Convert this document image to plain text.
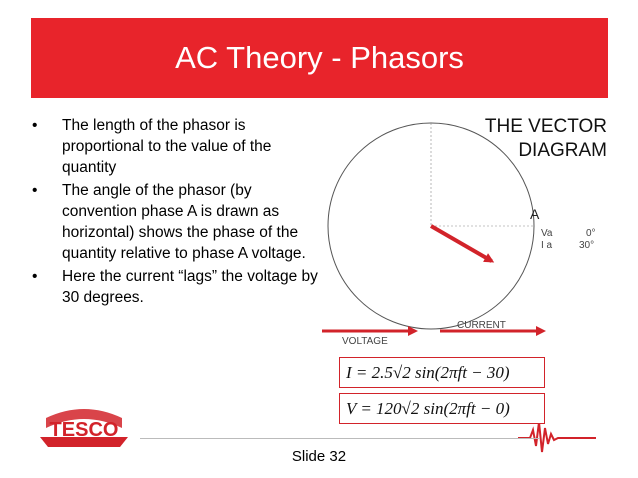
AC Theory - Phasors
• The length of the phasor is proportional to the value of the quantity
• The angle of the phasor (by convention phase A is drawn as horizontal) shows the phase of the quantity relative to phase A voltage.
• Here the current “lags” the voltage by 30 degrees.
THE VECTOR
DIAGRAM
A
Va	0°
I a	30°
VOLTAGE
CURRENT
TESCO
I = 2.5√2 sin(2πft − 30)
V = 120√2 sin(2πft − 0)
Slide 32
